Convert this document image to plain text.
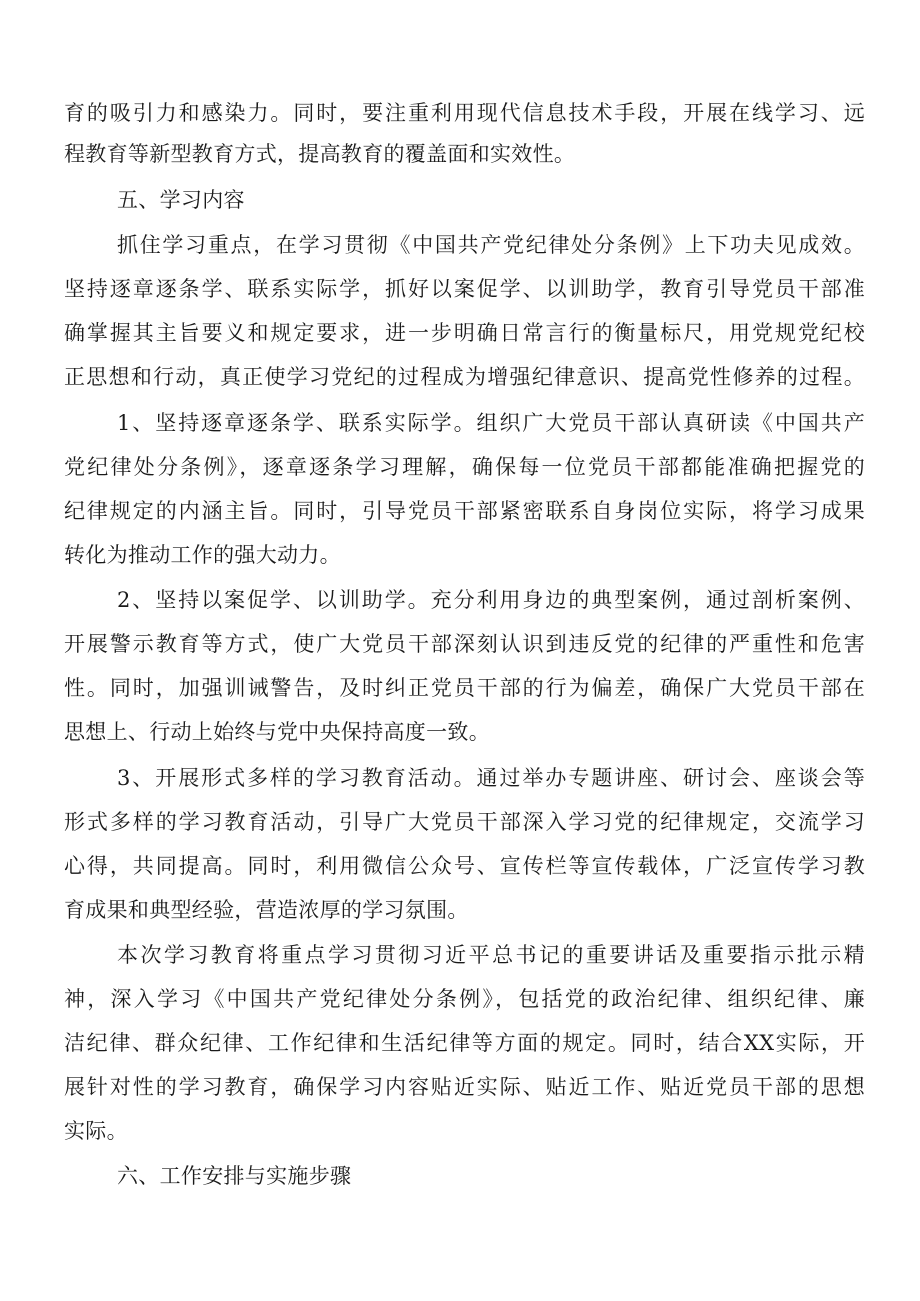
育的吸引力和感染力。同时，要注重利用现代信息技术手段，开展在线学习、远
程教育等新型教育方式，提高教育的覆盖面和实效性。
五、学习内容
抓住学习重点，在学习贯彻《中国共产党纪律处分条例》上下功夫见成效。
坚持逐章逐条学、联系实际学，抓好以案促学、以训助学，教育引导党员干部准
确掌握其主旨要义和规定要求，进一步明确日常言行的衡量标尺，用党规党纪校
正思想和行动，真正使学习党纪的过程成为增强纪律意识、提高党性修养的过程。
1、坚持逐章逐条学、联系实际学。组织广大党员干部认真研读《中国共产
党纪律处分条例》，逐章逐条学习理解，确保每一位党员干部都能准确把握党的
纪律规定的内涵主旨。同时，引导党员干部紧密联系自身岗位实际，将学习成果
转化为推动工作的强大动力。
2、坚持以案促学、以训助学。充分利用身边的典型案例，通过剖析案例、
开展警示教育等方式，使广大党员干部深刻认识到违反党的纪律的严重性和危害
性。同时，加强训诫警告，及时纠正党员干部的行为偏差，确保广大党员干部在
思想上、行动上始终与党中央保持高度一致。
3、开展形式多样的学习教育活动。通过举办专题讲座、研讨会、座谈会等
形式多样的学习教育活动，引导广大党员干部深入学习党的纪律规定，交流学习
心得，共同提高。同时，利用微信公众号、宣传栏等宣传载体，广泛宣传学习教
育成果和典型经验，营造浓厚的学习氛围。
本次学习教育将重点学习贯彻习近平总书记的重要讲话及重要指示批示精
神，深入学习《中国共产党纪律处分条例》，包括党的政治纪律、组织纪律、廉
洁纪律、群众纪律、工作纪律和生活纪律等方面的规定。同时，结合XX实际，开
展针对性的学习教育，确保学习内容贴近实际、贴近工作、贴近党员干部的思想
实际。
六、工作安排与实施步骤
